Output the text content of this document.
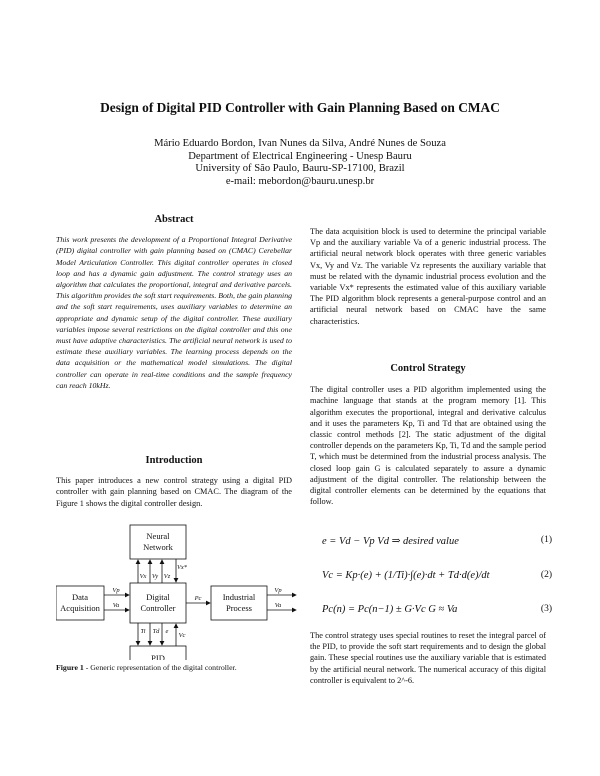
Design of Digital PID Controller with Gain Planning Based on CMAC
Mário Eduardo Bordon, Ivan Nunes da Silva, André Nunes de Souza
Department of Electrical Engineering - Unesp Bauru
University of São Paulo, Bauru-SP-17100, Brazil
e-mail: mebordon@bauru.unesp.br
Abstract

This work presents the development of a Proportional Integral Derivative (PID) digital controller with gain planning based on (CMAC) Cerebellar Model Articulation Controller. This digital controller operates in closed loop and has a dynamic gain adjustment. The control strategy uses an algorithm that calculates the proportional, integral and derivative parcels. This algorithm provides the soft start requirements. Both, the gain planning and the soft start requirements, uses auxiliary variables to determine an appropriate and dynamic setup of the digital controller. These auxiliary variables impose several restrictions on the digital controller and this one must have adaptive characteristics. The artificial neural network is used to estimate these auxiliary variables. The learning process depends on the data acquisition or the mathematical model simulations. The digital controller can operate in real-time conditions and the sample frequency can reach 10kHz.

Introduction

This paper introduces a new control strategy using a digital PID controller with gain planning based on CMAC. The diagram of the Figure 1 shows the digital controller design.

Neural
Network
Data
Acquisition
Digital
Controller
Industrial
Process
PID
Vx Vy Vz
Vx*
Vp
Va
Pc
Vp
Va
Ti Td e
Vc
Figure 1 - Generic representation of the digital controller.

The data acquisition block is used to determine the principal variable Vp and the auxiliary variable Va of a generic industrial process. The artificial neural network block operates with three generic variables Vx, Vy and Vz. The variable Vz represents the auxiliary variable that must be related with the dynamic industrial process evolution and the variable Vx* represents the estimated value of this auxiliary variable The PID algorithm block represents a general-purpose control and an artificial neural network based on CMAC have the same characteristics.

Control Strategy

The digital controller uses a PID algorithm implemented using the machine language that stands at the program memory [1]. This algorithm executes the proportional, integral and derivative calculus and it uses the parameters Kp, Ti and Td that are obtained using the classic control methods [2]. The static adjustment of the digital controller depends on the parameters Kp, Ti, Td and the sample period T, which must be determined from the industrial process analysis. The closed loop gain G is calculated separately to assure a dynamic adjustment of the digital controller. The relationship between the digital controller elements can be determined by the equations that follow.

e = Vd − Vp Vd ⇒ desired value	(1)
Vc = Kp·(e) + (1/Ti)·∫(e)·dt + Td·d(e)/dt	(2)
Pc(n) = Pc(n−1) ± G·Vc G ≈ Va	(3)

The control strategy uses special routines to reset the integral parcel of the PID, to provide the soft start requirements and to design the global gain. These special routines use the auxiliary variable that is estimated by the artificial neural network. The numerical accuracy of this digital controller is equivalent to 2^-6.
